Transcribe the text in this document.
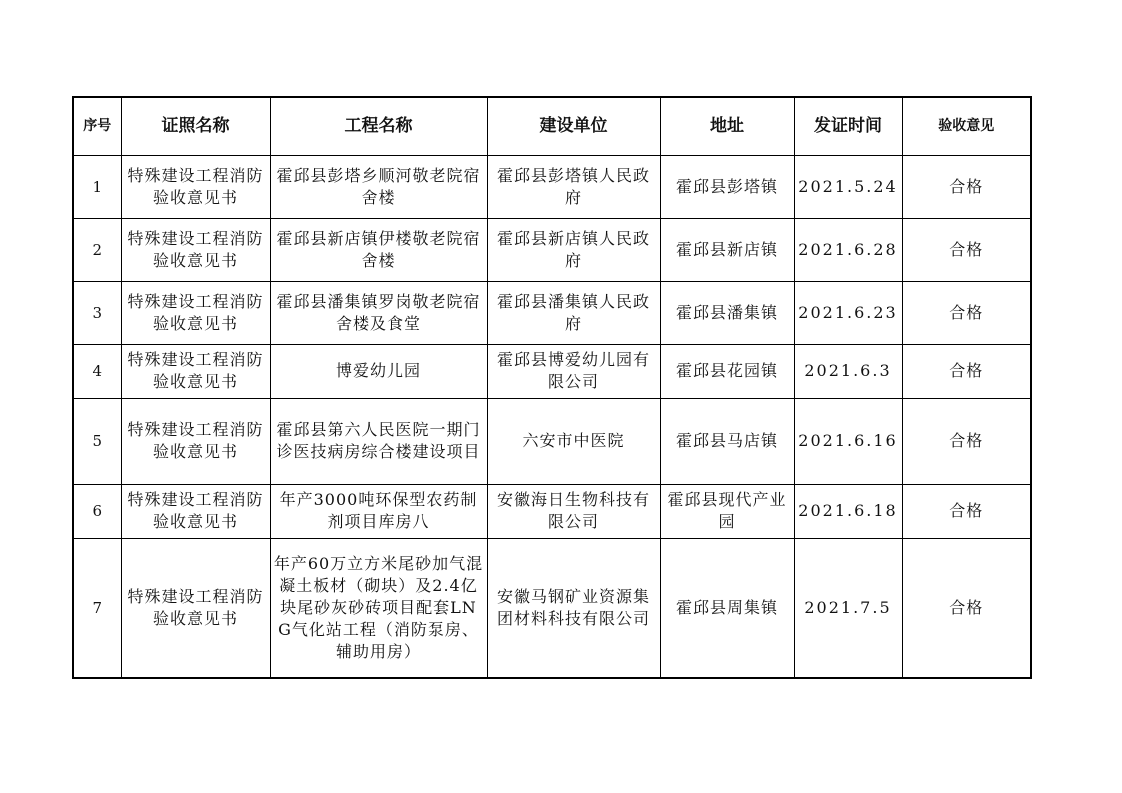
序号	证照名称	工程名称	建设单位	地址	发证时间	验收意见
1	特殊建设工程消防验收意见书	霍邱县彭塔乡顺河敬老院宿舍楼	霍邱县彭塔镇人民政府	霍邱县彭塔镇	2021.5.24	合格
2	特殊建设工程消防验收意见书	霍邱县新店镇伊楼敬老院宿舍楼	霍邱县新店镇人民政府	霍邱县新店镇	2021.6.28	合格
3	特殊建设工程消防验收意见书	霍邱县潘集镇罗岗敬老院宿舍楼及食堂	霍邱县潘集镇人民政府	霍邱县潘集镇	2021.6.23	合格
4	特殊建设工程消防验收意见书	博爱幼儿园	霍邱县博爱幼儿园有限公司	霍邱县花园镇	2021.6.3	合格
5	特殊建设工程消防验收意见书	霍邱县第六人民医院一期门诊医技病房综合楼建设项目	六安市中医院	霍邱县马店镇	2021.6.16	合格
6	特殊建设工程消防验收意见书	年产3000吨环保型农药制剂项目库房八	安徽海日生物科技有限公司	霍邱县现代产业园	2021.6.18	合格
7	特殊建设工程消防验收意见书	年产60万立方米尾砂加气混凝土板材（砌块）及2.4亿块尾砂灰砂砖项目配套LNG气化站工程（消防泵房、辅助用房）	安徽马钢矿业资源集团材料科技有限公司	霍邱县周集镇	2021.7.5	合格
